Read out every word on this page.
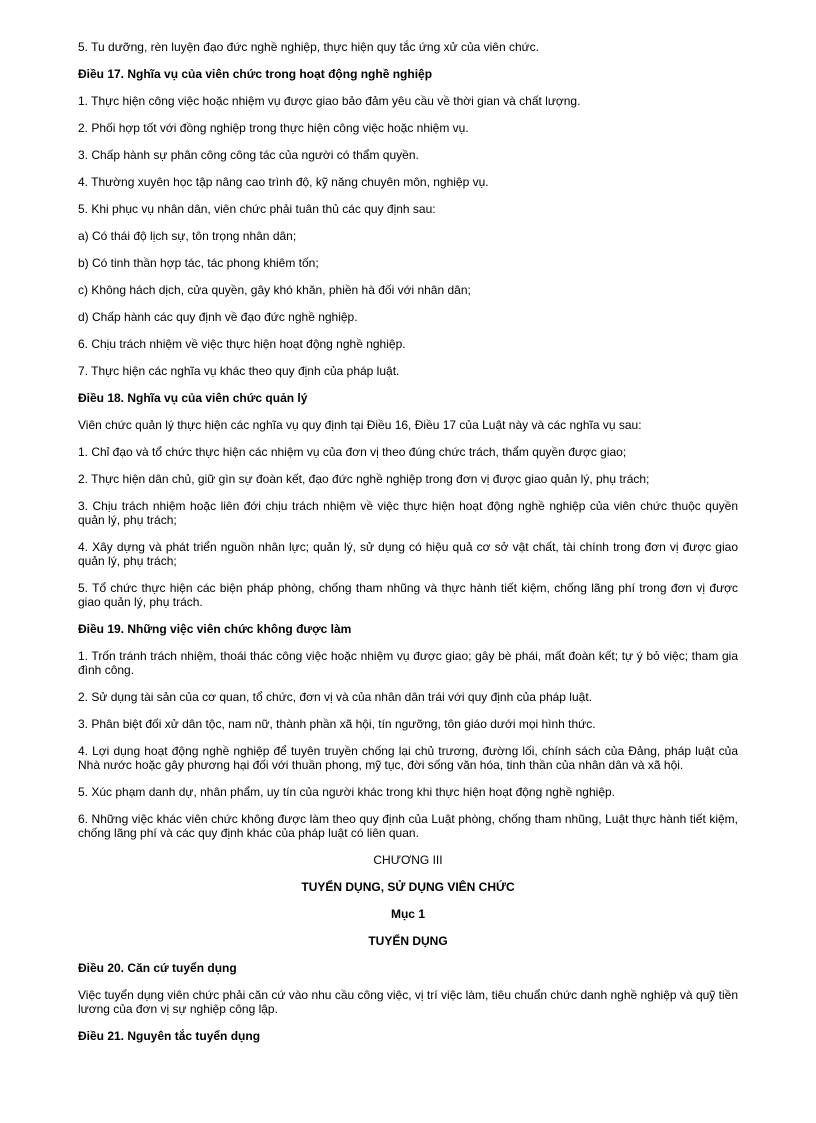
5. Tu dưỡng, rèn luyện đạo đức nghề nghiệp, thực hiện quy tắc ứng xử của viên chức.

Điều 17. Nghĩa vụ của viên chức trong hoạt động nghề nghiệp

1. Thực hiện công việc hoặc nhiệm vụ được giao bảo đảm yêu cầu về thời gian và chất lượng.

2. Phối hợp tốt với đồng nghiệp trong thực hiện công việc hoặc nhiệm vụ.

3. Chấp hành sự phân công công tác của người có thẩm quyền.

4. Thường xuyên học tập nâng cao trình độ, kỹ năng chuyên môn, nghiệp vụ.

5. Khi phục vụ nhân dân, viên chức phải tuân thủ các quy định sau:

a) Có thái độ lịch sự, tôn trọng nhân dân;

b) Có tinh thần hợp tác, tác phong khiêm tốn;

c) Không hách dịch, cửa quyền, gây khó khăn, phiền hà đối với nhân dân;

d) Chấp hành các quy định về đạo đức nghề nghiệp.

6. Chịu trách nhiệm về việc thực hiện hoạt động nghề nghiệp.

7. Thực hiện các nghĩa vụ khác theo quy định của pháp luật.

Điều 18. Nghĩa vụ của viên chức quản lý

Viên chức quản lý thực hiện các nghĩa vụ quy định tại Điều 16, Điều 17 của Luật này và các nghĩa vụ sau:

1. Chỉ đạo và tổ chức thực hiện các nhiệm vụ của đơn vị theo đúng chức trách, thẩm quyền được giao;

2. Thực hiện dân chủ, giữ gìn sự đoàn kết, đạo đức nghề nghiệp trong đơn vị được giao quản lý, phụ trách;

3. Chịu trách nhiệm hoặc liên đới chịu trách nhiệm về việc thực hiện hoạt động nghề nghiệp của viên chức thuộc quyền quản lý, phụ trách;

4. Xây dựng và phát triển nguồn nhân lực; quản lý, sử dụng có hiệu quả cơ sở vật chất, tài chính trong đơn vị được giao quản lý, phụ trách;

5. Tổ chức thực hiện các biện pháp phòng, chống tham nhũng và thực hành tiết kiệm, chống lãng phí trong đơn vị được giao quản lý, phụ trách.

Điều 19. Những việc viên chức không được làm

1. Trốn tránh trách nhiệm, thoái thác công việc hoặc nhiệm vụ được giao; gây bè phái, mất đoàn kết; tự ý bỏ việc; tham gia đình công.

2. Sử dụng tài sản của cơ quan, tổ chức, đơn vị và của nhân dân trái với quy định của pháp luật.

3. Phân biệt đối xử dân tộc, nam nữ, thành phần xã hội, tín ngưỡng, tôn giáo dưới mọi hình thức.

4. Lợi dụng hoạt động nghề nghiệp để tuyên truyền chống lại chủ trương, đường lối, chính sách của Đảng, pháp luật của Nhà nước hoặc gây phương hại đối với thuần phong, mỹ tục, đời sống văn hóa, tinh thần của nhân dân và xã hội.

5. Xúc phạm danh dự, nhân phẩm, uy tín của người khác trong khi thực hiện hoạt động nghề nghiệp.

6. Những việc khác viên chức không được làm theo quy định của Luật phòng, chống tham nhũng, Luật thực hành tiết kiệm, chống lãng phí và các quy định khác của pháp luật có liên quan.

CHƯƠNG III

TUYỂN DỤNG, SỬ DỤNG VIÊN CHỨC

Mục 1

TUYỂN DỤNG

Điều 20. Căn cứ tuyển dụng

Việc tuyển dụng viên chức phải căn cứ vào nhu cầu công việc, vị trí việc làm, tiêu chuẩn chức danh nghề nghiệp và quỹ tiền lương của đơn vị sự nghiệp công lập.

Điều 21. Nguyên tắc tuyển dụng
